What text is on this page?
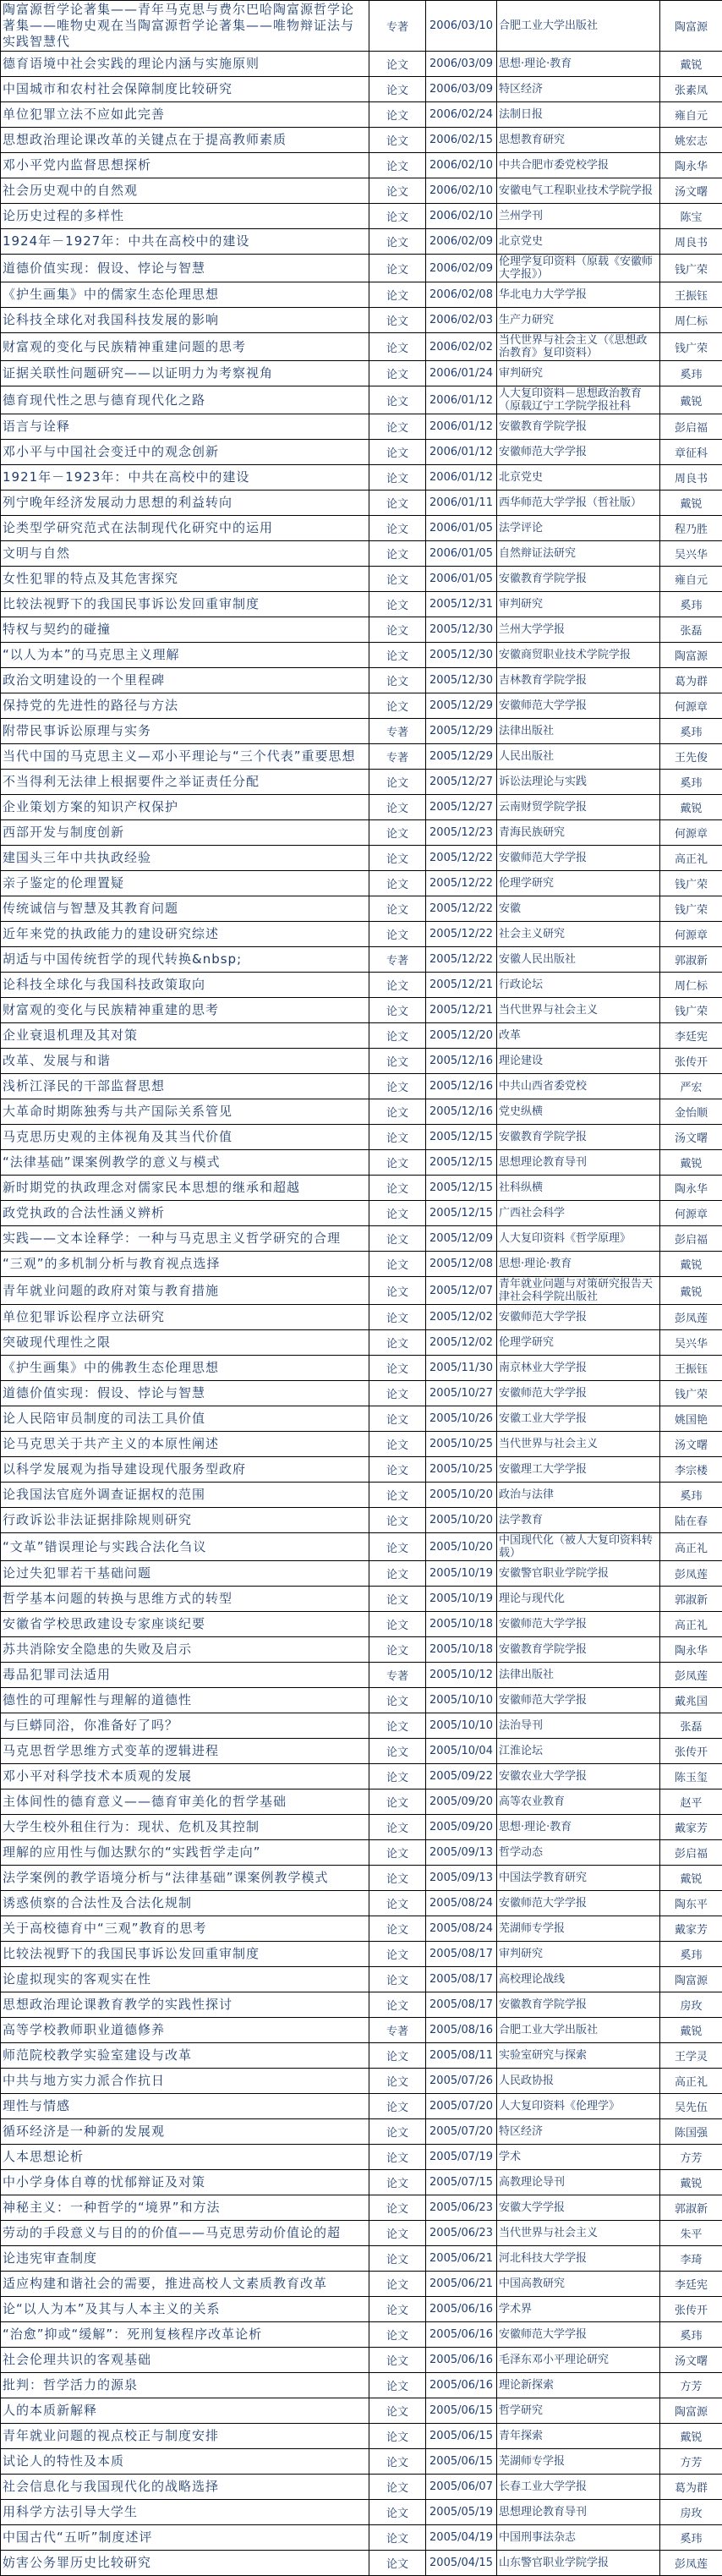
陶富源哲学论著集——青年马克思与费尔巴哈陶富源哲学论著集——唯物史观在当陶富源哲学论著集——唯物辩证法与实践智慧代	专著	2006/03/10	合肥工业大学出版社	陶富源
德育语境中社会实践的理论内涵与实施原则	论文	2006/03/09	思想·理论·教育	戴锐
中国城市和农村社会保障制度比较研究	论文	2006/03/09	特区经济	张素凤
单位犯罪立法不应如此完善	论文	2006/02/24	法制日报	雍自元
思想政治理论课改革的关键点在于提高教师素质	论文	2006/02/15	思想教育研究	姚宏志
邓小平党内监督思想探析	论文	2006/02/10	中共合肥市委党校学报	陶永华
社会历史观中的自然观	论文	2006/02/10	安徽电气工程职业技术学院学报	汤文曙
论历史过程的多样性	论文	2006/02/10	兰州学刊	陈宝
1924年－1927年：中共在高校中的建设	论文	2006/02/09	北京党史	周良书
道德价值实现：假设、悖论与智慧	论文	2006/02/09	伦理学复印资料（原载《安徽师大学报》）	钱广荣
《护生画集》中的儒家生态伦理思想	论文	2006/02/08	华北电力大学学报	王振钰
论科技全球化对我国科技发展的影响	论文	2006/02/03	生产力研究	周仁标
财富观的变化与民族精神重建问题的思考	论文	2006/02/02	当代世界与社会主义（《思想政治教育》复印资料）	钱广荣
证据关联性问题研究——以证明力为考察视角	论文	2006/01/24	审判研究	奚玮
德育现代性之思与德育现代化之路	论文	2006/01/12	人大复印资料－思想政治教育（原载辽宁工学院学报社科	戴锐
语言与诠释	论文	2006/01/12	安徽教育学院学报	彭启福
邓小平与中国社会变迁中的观念创新	论文	2006/01/12	安徽师范大学学报	章征科
1921年－1923年：中共在高校中的建设	论文	2006/01/12	北京党史	周良书
列宁晚年经济发展动力思想的利益转向	论文	2006/01/11	西华师范大学学报（哲社版）	戴锐
论类型学研究范式在法制现代化研究中的运用	论文	2006/01/05	法学评论	程乃胜
文明与自然	论文	2006/01/05	自然辩证法研究	吴兴华
女性犯罪的特点及其危害探究	论文	2006/01/05	安徽教育学院学报	雍自元
比较法视野下的我国民事诉讼发回重审制度	论文	2005/12/31	审判研究	奚玮
特权与契约的碰撞	论文	2005/12/30	兰州大学学报	张磊
“以人为本”的马克思主义理解	论文	2005/12/30	安徽商贸职业技术学院学报	陶富源
政治文明建设的一个里程碑	论文	2005/12/30	吉林教育学院学报	葛为群
保持党的先进性的路径与方法	论文	2005/12/29	安徽师范大学学报	何源章
附带民事诉讼原理与实务	专著	2005/12/29	法律出版社	奚玮
当代中国的马克思主义—邓小平理论与“三个代表”重要思想	专著	2005/12/29	人民出版社	王先俊
不当得利无法律上根据要件之举证责任分配	论文	2005/12/27	诉讼法理论与实践	奚玮
企业策划方案的知识产权保护	论文	2005/12/27	云南财贸学院学报	戴锐
西部开发与制度创新	论文	2005/12/23	青海民族研究	何源章
建国头三年中共执政经验	论文	2005/12/22	安徽师范大学学报	高正礼
亲子鉴定的伦理置疑	论文	2005/12/22	伦理学研究	钱广荣
传统诚信与智慧及其教育问题	论文	2005/12/22	安徽	钱广荣
近年来党的执政能力的建设研究综述	论文	2005/12/22	社会主义研究	何源章
胡适与中国传统哲学的现代转换&nbsp;	专著	2005/12/22	安徽人民出版社	郭淑新
论科技全球化与我国科技政策取向	论文	2005/12/21	行政论坛	周仁标
财富观的变化与民族精神重建的思考	论文	2005/12/21	当代世界与社会主义	钱广荣
企业衰退机理及其对策	论文	2005/12/20	改革	李廷宪
改革、发展与和谐	论文	2005/12/16	理论建设	张传开
浅析江泽民的干部监督思想	论文	2005/12/16	中共山西省委党校	严宏
大革命时期陈独秀与共产国际关系管见	论文	2005/12/16	党史纵横	金怡顺
马克思历史观的主体视角及其当代价值	论文	2005/12/15	安徽教育学院学报	汤文曙
“法律基础”课案例教学的意义与模式	论文	2005/12/15	思想理论教育导刊	戴锐
新时期党的执政理念对儒家民本思想的继承和超越	论文	2005/12/15	社科纵横	陶永华
政党执政的合法性涵义辨析	论文	2005/12/15	广西社会科学	何源章
实践——文本诠释学：一种与马克思主义哲学研究的合理	论文	2005/12/09	人大复印资料《哲学原理》	彭启福
“三观”的多机制分析与教育视点选择	论文	2005/12/08	思想·理论·教育	戴锐
青年就业问题的政府对策与教育措施	论文	2005/12/07	青年就业问题与对策研究报告天津社会科学院出版社	戴锐
单位犯罪诉讼程序立法研究	论文	2005/12/02	安徽师范大学学报	彭凤莲
突破现代理性之限	论文	2005/12/02	伦理学研究	吴兴华
《护生画集》中的佛教生态伦理思想	论文	2005/11/30	南京林业大学学报	王振钰
道德价值实现：假设、悖论与智慧	论文	2005/10/27	安徽师范大学学报	钱广荣
论人民陪审员制度的司法工具价值	论文	2005/10/26	安徽工业大学学报	姚国艳
论马克思关于共产主义的本原性阐述	论文	2005/10/25	当代世界与社会主义	汤文曙
以科学发展观为指导建设现代服务型政府	论文	2005/10/25	安徽理工大学学报	李宗楼
论我国法官庭外调查证据权的范围	论文	2005/10/20	政治与法律	奚玮
行政诉讼非法证据排除规则研究	论文	2005/10/20	法学教育	陆在春
“文革”错误理论与实践合法化刍议	论文	2005/10/20	中国现代化（被人大复印资料转载）	高正礼
论过失犯罪若干基础问题	论文	2005/10/19	安徽警官职业学院学报	彭凤莲
哲学基本问题的转换与思维方式的转型	论文	2005/10/19	理论与现代化	郭淑新
安徽省学校思政建设专家座谈纪要	论文	2005/10/18	安徽师范大学学报	高正礼
苏共消除安全隐患的失败及启示	论文	2005/10/18	安徽教育学院学报	陶永华
毒品犯罪司法适用	专著	2005/10/12	法律出版社	彭凤莲
德性的可理解性与理解的道德性	论文	2005/10/10	安徽师范大学学报	戴兆国
与巨蟒同浴，你准备好了吗？	论文	2005/10/10	法治导刊	张磊
马克思哲学思维方式变革的逻辑进程	论文	2005/10/04	江淮论坛	张传开
邓小平对科学技术本质观的发展	论文	2005/09/22	安徽农业大学学报	陈玉玺
主体间性的德育意义——德育审美化的哲学基础	论文	2005/09/20	高等农业教育	赵平
大学生校外租住行为：现状、危机及其控制	论文	2005/09/20	思想·理论·教育	戴家芳
理解的应用性与伽达默尔的“实践哲学走向”	论文	2005/09/13	哲学动态	彭启福
法学案例的教学语境分析与“法律基础”课案例教学模式	论文	2005/09/13	中国法学教育研究	戴锐
诱惑侦察的合法性及合法化规制	论文	2005/08/24	安徽师范大学学报	陶东平
关于高校德育中“三观”教育的思考	论文	2005/08/24	芜湖师专学报	戴家芳
比较法视野下的我国民事诉讼发回重审制度	论文	2005/08/17	审判研究	奚玮
论虚拟现实的客观实在性	论文	2005/08/17	高校理论战线	陶富源
思想政治理论课教育教学的实践性探讨	论文	2005/08/17	安徽教育学院学报	房玫
高等学校教师职业道德修养	专著	2005/08/16	合肥工业大学出版社	戴锐
师范院校教学实验室建设与改革	论文	2005/08/11	实验室研究与探索	王学灵
中共与地方实力派合作抗日	论文	2005/07/26	人民政协报	高正礼
理性与情感	论文	2005/07/20	人大复印资料《伦理学》	吴先伍
循环经济是一种新的发展观	论文	2005/07/20	特区经济	陈国强
人本思想论析	论文	2005/07/19	学术	方芳
中小学身体自尊的忧郁辩证及对策	论文	2005/07/15	高教理论导刊	戴锐
神秘主义：一种哲学的“境界”和方法	论文	2005/06/23	安徽大学学报	郭淑新
劳动的手段意义与目的的价值——马克思劳动价值论的超	论文	2005/06/23	当代世界与社会主义	朱平
论违宪审查制度	论文	2005/06/21	河北科技大学学报	李琦
适应构建和谐社会的需要，推进高校人文素质教育改革	论文	2005/06/21	中国高教研究	李廷宪
论“以人为本”及其与人本主义的关系	论文	2005/06/16	学术界	张传开
“治愈”抑或“缓解”：死刑复核程序改革论析	论文	2005/06/16	安徽师范大学学报	奚玮
社会伦理共识的客观基础	论文	2005/06/16	毛泽东邓小平理论研究	汤文曙
批判：哲学活力的源泉	论文	2005/06/16	理论新探索	方芳
人的本质新解释	论文	2005/06/15	哲学研究	陶富源
青年就业问题的视点校正与制度安排	论文	2005/06/15	青年探索	戴锐
试论人的特性及本质	论文	2005/06/15	芜湖师专学报	方芳
社会信息化与我国现代化的战略选择	论文	2005/06/07	长春工业大学学报	葛为群
用科学方法引导大学生	论文	2005/05/19	思想理论教育导刊	房玫
中国古代“五听”制度述评	论文	2005/04/19	中国刑事法杂志	奚玮
妨害公务罪历史比较研究	论文	2005/04/15	山东警官职业学院学报	彭凤莲
